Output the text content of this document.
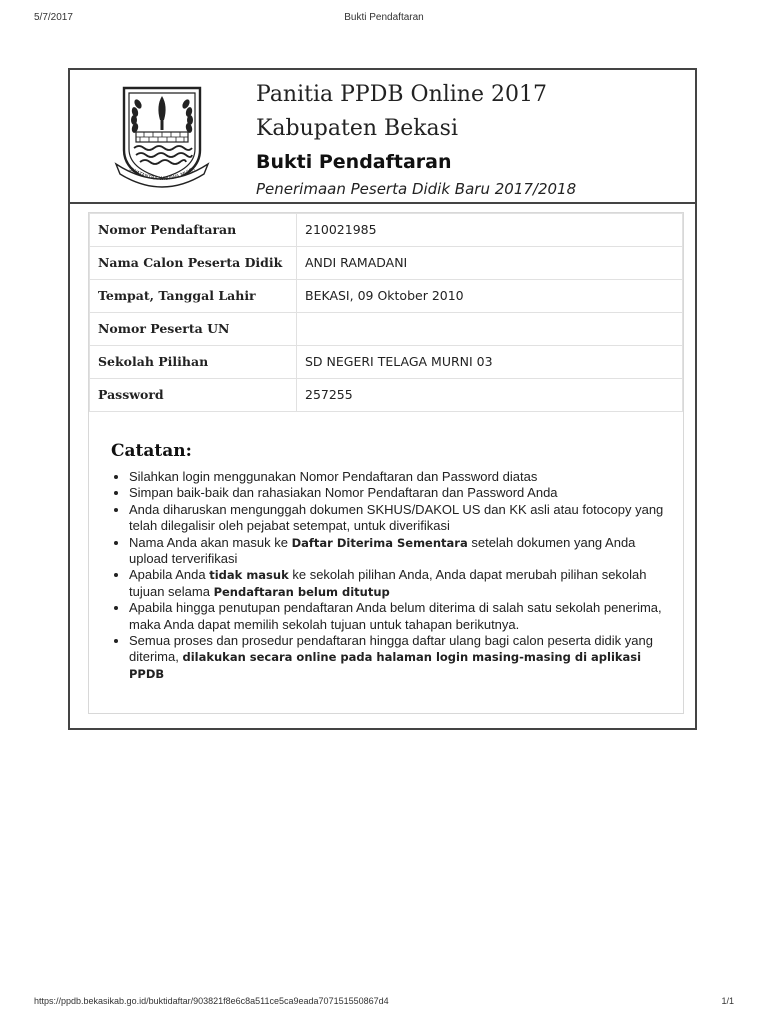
5/7/2017	Bukti Pendaftaran
SWATANTRA WIBAWA MUKTI
Panitia PPDB Online 2017
Kabupaten Bekasi
Bukti Pendaftaran
Penerimaan Peserta Didik Baru 2017/2018
Nomor Pendaftaran	210021985
Nama Calon Peserta Didik	ANDI RAMADANI
Tempat, Tanggal Lahir	BEKASI, 09 Oktober 2010
Nomor Peserta UN	
Sekolah Pilihan	SD NEGERI TELAGA MURNI 03
Password	257255
Catatan:
• Silahkan login menggunakan Nomor Pendaftaran dan Password diatas
• Simpan baik-baik dan rahasiakan Nomor Pendaftaran dan Password Anda
• Anda diharuskan mengunggah dokumen SKHUS/DAKOL US dan KK asli atau fotocopy yang telah dilegalisir oleh pejabat setempat, untuk diverifikasi
• Nama Anda akan masuk ke Daftar Diterima Sementara setelah dokumen yang Anda upload terverifikasi
• Apabila Anda tidak masuk ke sekolah pilihan Anda, Anda dapat merubah pilihan sekolah tujuan selama Pendaftaran belum ditutup
• Apabila hingga penutupan pendaftaran Anda belum diterima di salah satu sekolah penerima, maka Anda dapat memilih sekolah tujuan untuk tahapan berikutnya.
• Semua proses dan prosedur pendaftaran hingga daftar ulang bagi calon peserta didik yang diterima, dilakukan secara online pada halaman login masing-masing di aplikasi PPDB
https://ppdb.bekasikab.go.id/buktidaftar/903821f8e6c8a511ce5ca9eada707151550867d4	1/1
